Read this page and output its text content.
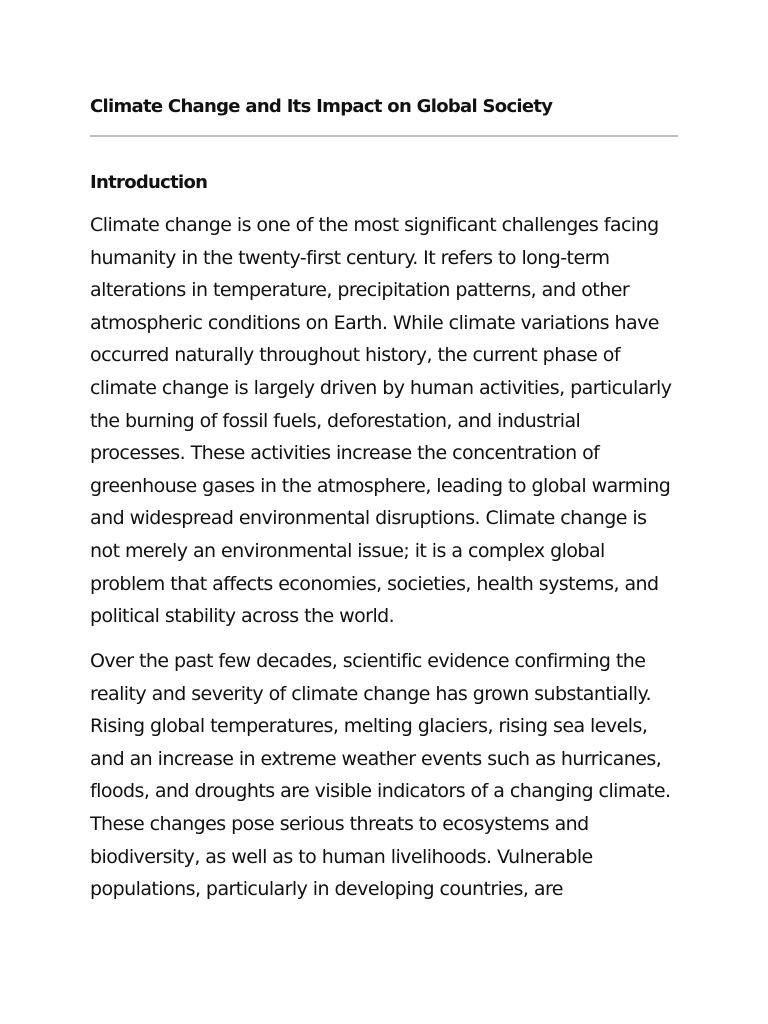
Climate Change and Its Impact on Global Society
Introduction

Climate change is one of the most significant challenges facing
humanity in the twenty-first century. It refers to long-term
alterations in temperature, precipitation patterns, and other
atmospheric conditions on Earth. While climate variations have
occurred naturally throughout history, the current phase of
climate change is largely driven by human activities, particularly
the burning of fossil fuels, deforestation, and industrial
processes. These activities increase the concentration of
greenhouse gases in the atmosphere, leading to global warming
and widespread environmental disruptions. Climate change is
not merely an environmental issue; it is a complex global
problem that affects economies, societies, health systems, and
political stability across the world.

Over the past few decades, scientific evidence confirming the
reality and severity of climate change has grown substantially.
Rising global temperatures, melting glaciers, rising sea levels,
and an increase in extreme weather events such as hurricanes,
floods, and droughts are visible indicators of a changing climate.
These changes pose serious threats to ecosystems and
biodiversity, as well as to human livelihoods. Vulnerable
populations, particularly in developing countries, are
